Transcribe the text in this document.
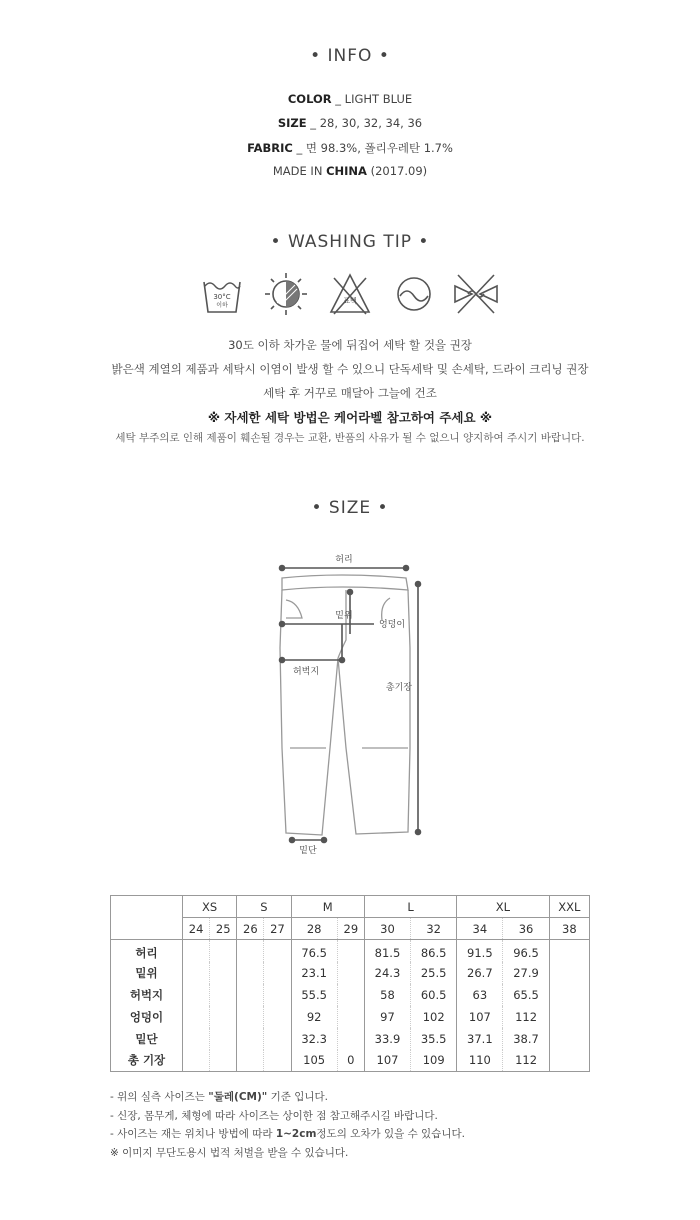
• INFO •
COLOR _ LIGHT BLUE
SIZE _ 28, 30, 32, 34, 36
FABRIC _ 면 98.3%, 폴리우레탄 1.7%
MADE IN CHINA (2017.09)
• WASHING TIP •
30°C
이하
표백
30도 이하 차가운 물에 뒤집어 세탁 할 것을 권장
밝은색 계열의 제품과 세탁시 이염이 발생 할 수 있으니 단독세탁 및 손세탁, 드라이 크리닝 권장
세탁 후 거꾸로 매달아 그늘에 건조
※ 자세한 세탁 방법은 케어라벨 참고하여 주세요 ※
세탁 부주의로 인해 제품이 훼손될 경우는 교환, 반품의 사유가 될 수 없으니 양지하여 주시기 바랍니다.
• SIZE •
허리
밑위
엉덩이
허벅지
총기장
밑단
	XS		S		M		L		XL		XXL
	24	25	26	27	28	29	30	32	34	36	38
허리					76.5		81.5	86.5	91.5	96.5	
밑위					23.1		24.3	25.5	26.7	27.9	
허벅지					55.5		58	60.5	63	65.5	
엉덩이					92		97	102	107	112	
밑단					32.3		33.9	35.5	37.1	38.7	
총 기장					105	0	107	109	110	112	
- 위의 실측 사이즈는 "둘레(CM)" 기준 입니다.
- 신장, 몸무게, 체형에 따라 사이즈는 상이한 점 참고해주시길 바랍니다.
- 사이즈는 재는 위치나 방법에 따라 1~2cm정도의 오차가 있을 수 있습니다.
※ 이미지 무단도용시 법적 처벌을 받을 수 있습니다.
